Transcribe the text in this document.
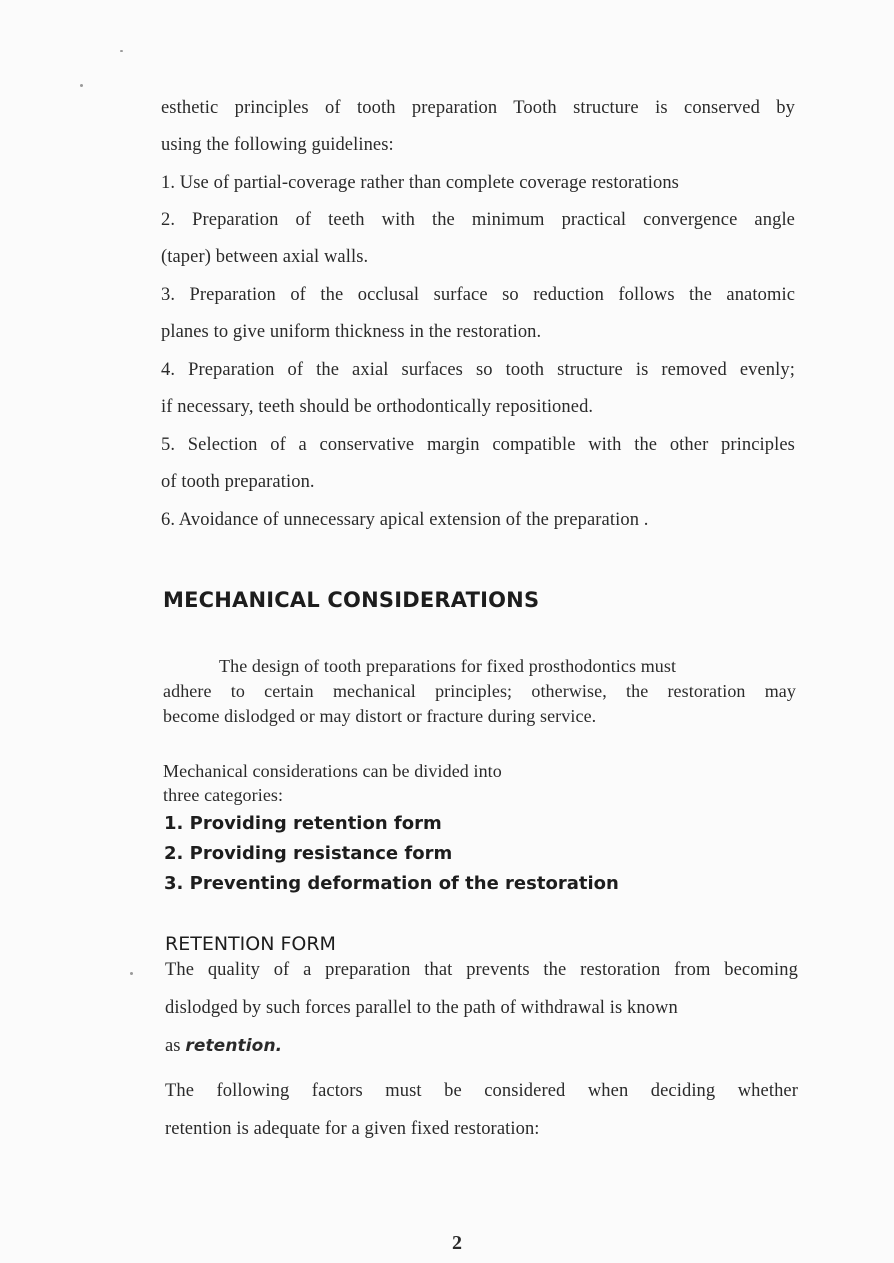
esthetic principles of tooth preparation Tooth structure is conserved by
using the following guidelines:
1. Use of partial-coverage rather than complete coverage restorations
2. Preparation of teeth with the minimum practical convergence angle
(taper) between axial walls.
3. Preparation of the occlusal surface so reduction follows the anatomic
planes to give uniform thickness in the restoration.
4. Preparation of the axial surfaces so tooth structure is removed evenly;
if necessary, teeth should be orthodontically repositioned.
5. Selection of a conservative margin compatible with the other principles
of tooth preparation.
6. Avoidance of unnecessary apical extension of the preparation .
MECHANICAL CONSIDERATIONS
The design of tooth preparations for fixed prosthodontics must
adhere to certain mechanical principles; otherwise, the restoration may
become dislodged or may distort or fracture during service.
Mechanical considerations can be divided into
three categories:
1. Providing retention form
2. Providing resistance form
3. Preventing deformation of the restoration
RETENTION FORM
The quality of a preparation that prevents the restoration from becoming
dislodged by such forces parallel to the path of withdrawal is known
as retention.
The following factors must be considered when deciding whether
retention is adequate for a given fixed restoration:
2
